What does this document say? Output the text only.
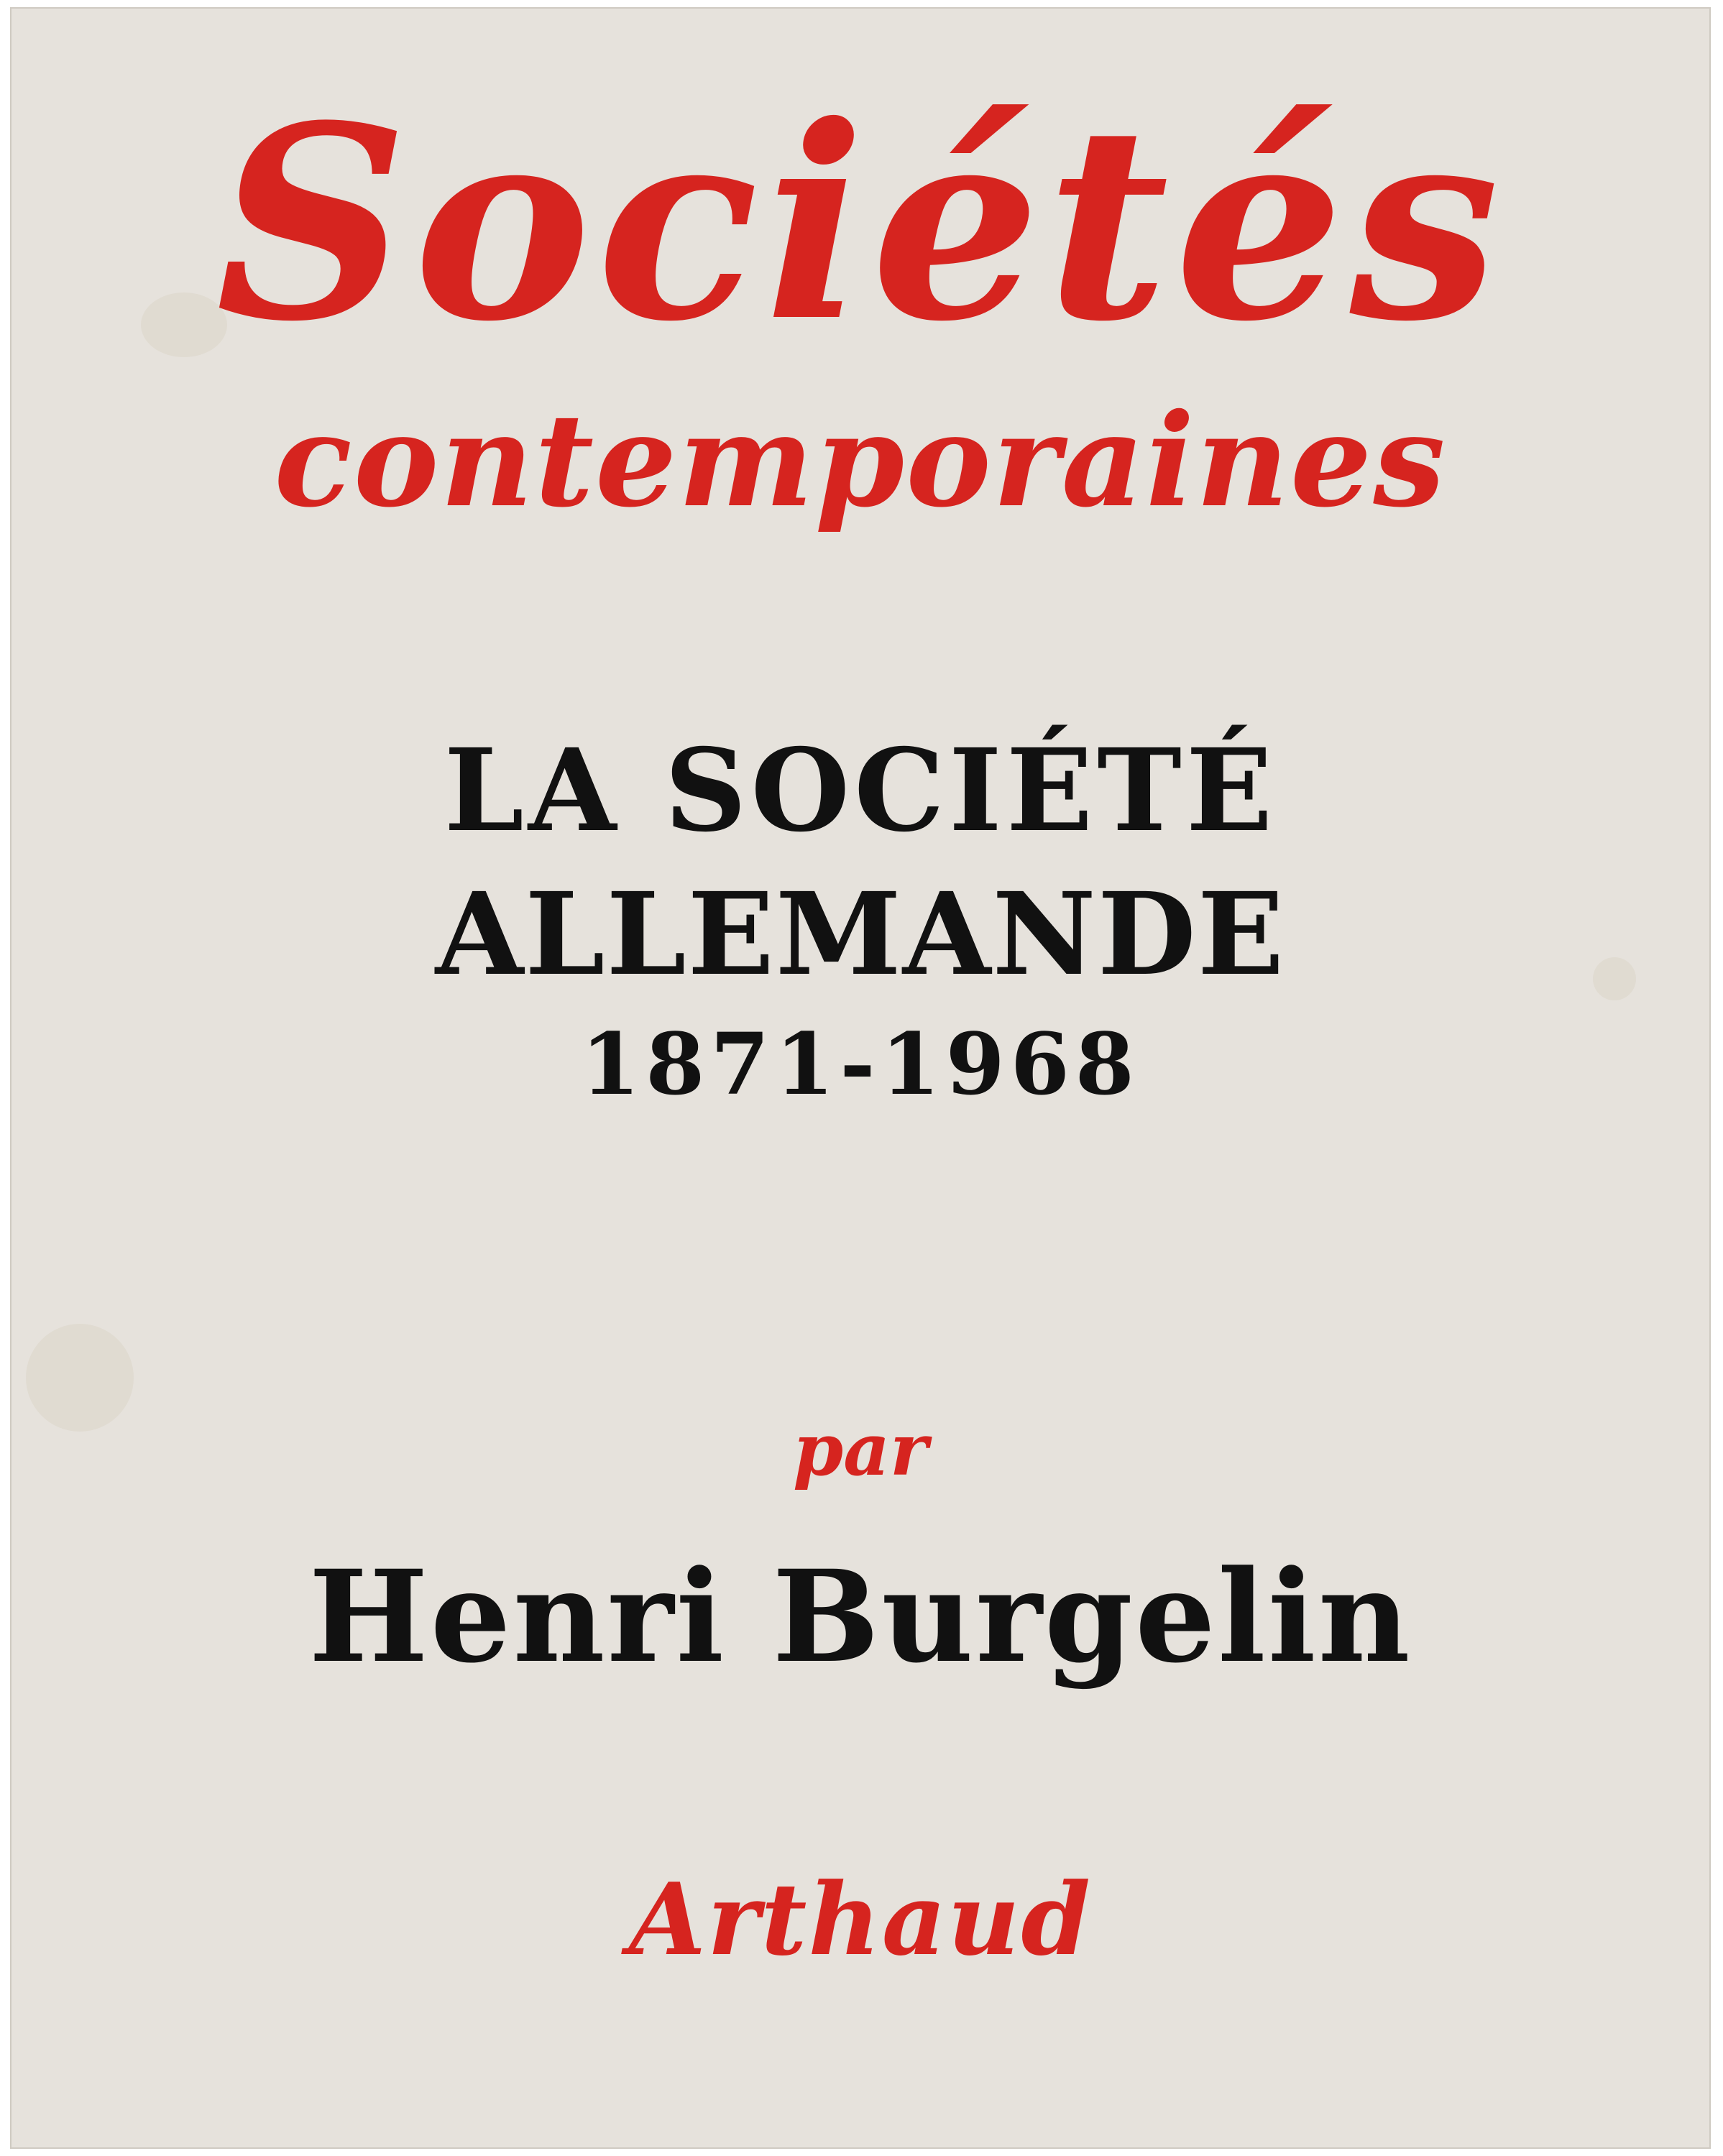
Sociétés
contemporaines
LA SOCIÉTÉ
ALLEMANDE
1871-1968
par
Henri Burgelin
Arthaud
